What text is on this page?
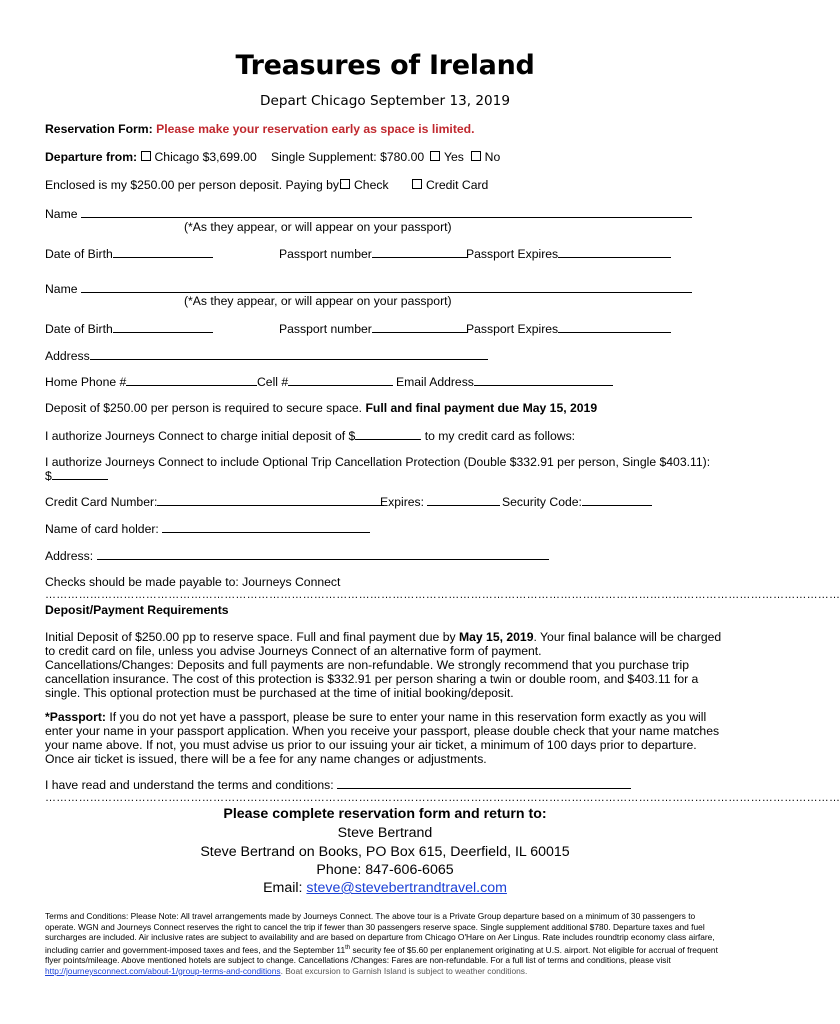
Treasures of Ireland
Depart Chicago September 13, 2019
Reservation Form: Please make your reservation early as space is limited.
Departure from: Chicago $3,699.00 Single Supplement: $780.00	Yes No
Enclosed is my $250.00 per person deposit. Paying by: Check	Credit Card
Name
(*As they appear, or will appear on your passport)
Date of Birth	Passport number	Passport Expires
Name
(*As they appear, or will appear on your passport)
Date of Birth	Passport number	Passport Expires
Address
Home Phone #	Cell #	Email Address
Deposit of $250.00 per person is required to secure space. Full and final payment due May 15, 2019
I authorize Journeys Connect to charge initial deposit of $	to my credit card as follows:
I authorize Journeys Connect to include Optional Trip Cancellation Protection (Double $332.91 per person, Single $403.11):
$
Credit Card Number:	Expires:	Security Code:
Name of card holder:
Address:
Checks should be made payable to: Journeys Connect
……………………………………………………………………………………………………………………………………………………………………………………………
Deposit/Payment Requirements
Initial Deposit of $250.00 pp to reserve space. Full and final payment due by May 15, 2019. Your final balance will be charged to credit card on file, unless you advise Journeys Connect of an alternative form of payment.
Cancellations/Changes: Deposits and full payments are non-refundable. We strongly recommend that you purchase trip cancellation insurance. The cost of this protection is $332.91 per person sharing a twin or double room, and $403.11 for a single. This optional protection must be purchased at the time of initial booking/deposit.
*Passport: If you do not yet have a passport, please be sure to enter your name in this reservation form exactly as you will enter your name in your passport application. When you receive your passport, please double check that your name matches your name above. If not, you must advise us prior to our issuing your air ticket, a minimum of 100 days prior to departure. Once air ticket is issued, there will be a fee for any name changes or adjustments.
I have read and understand the terms and conditions:
……………………………………………………………………………………………………………………………………………………………………………………………
Please complete reservation form and return to:
Steve Bertrand
Steve Bertrand on Books, PO Box 615, Deerfield, IL 60015
Phone: 847-606-6065
Email: steve@stevebertrandtravel.com
Terms and Conditions: Please Note: All travel arrangements made by Journeys Connect. The above tour is a Private Group departure based on a minimum of 30 passengers to operate. WGN and Journeys Connect reserves the right to cancel the trip if fewer than 30 passengers reserve space. Single supplement additional $780. Departure taxes and fuel surcharges are included. Air inclusive rates are subject to availability and are based on departure from Chicago O'Hare on Aer Lingus. Rate includes roundtrip economy class airfare, including carrier and government-imposed taxes and fees, and the September 11th security fee of $5.60 per enplanement originating at U.S. airport. Not eligible for accrual of frequent flyer points/mileage. Above mentioned hotels are subject to change. Cancellations /Changes: Fares are non-refundable. For a full list of terms and conditions, please visit http://journeysconnect.com/about-1/group-terms-and-conditions. Boat excursion to Garnish Island is subject to weather conditions.
